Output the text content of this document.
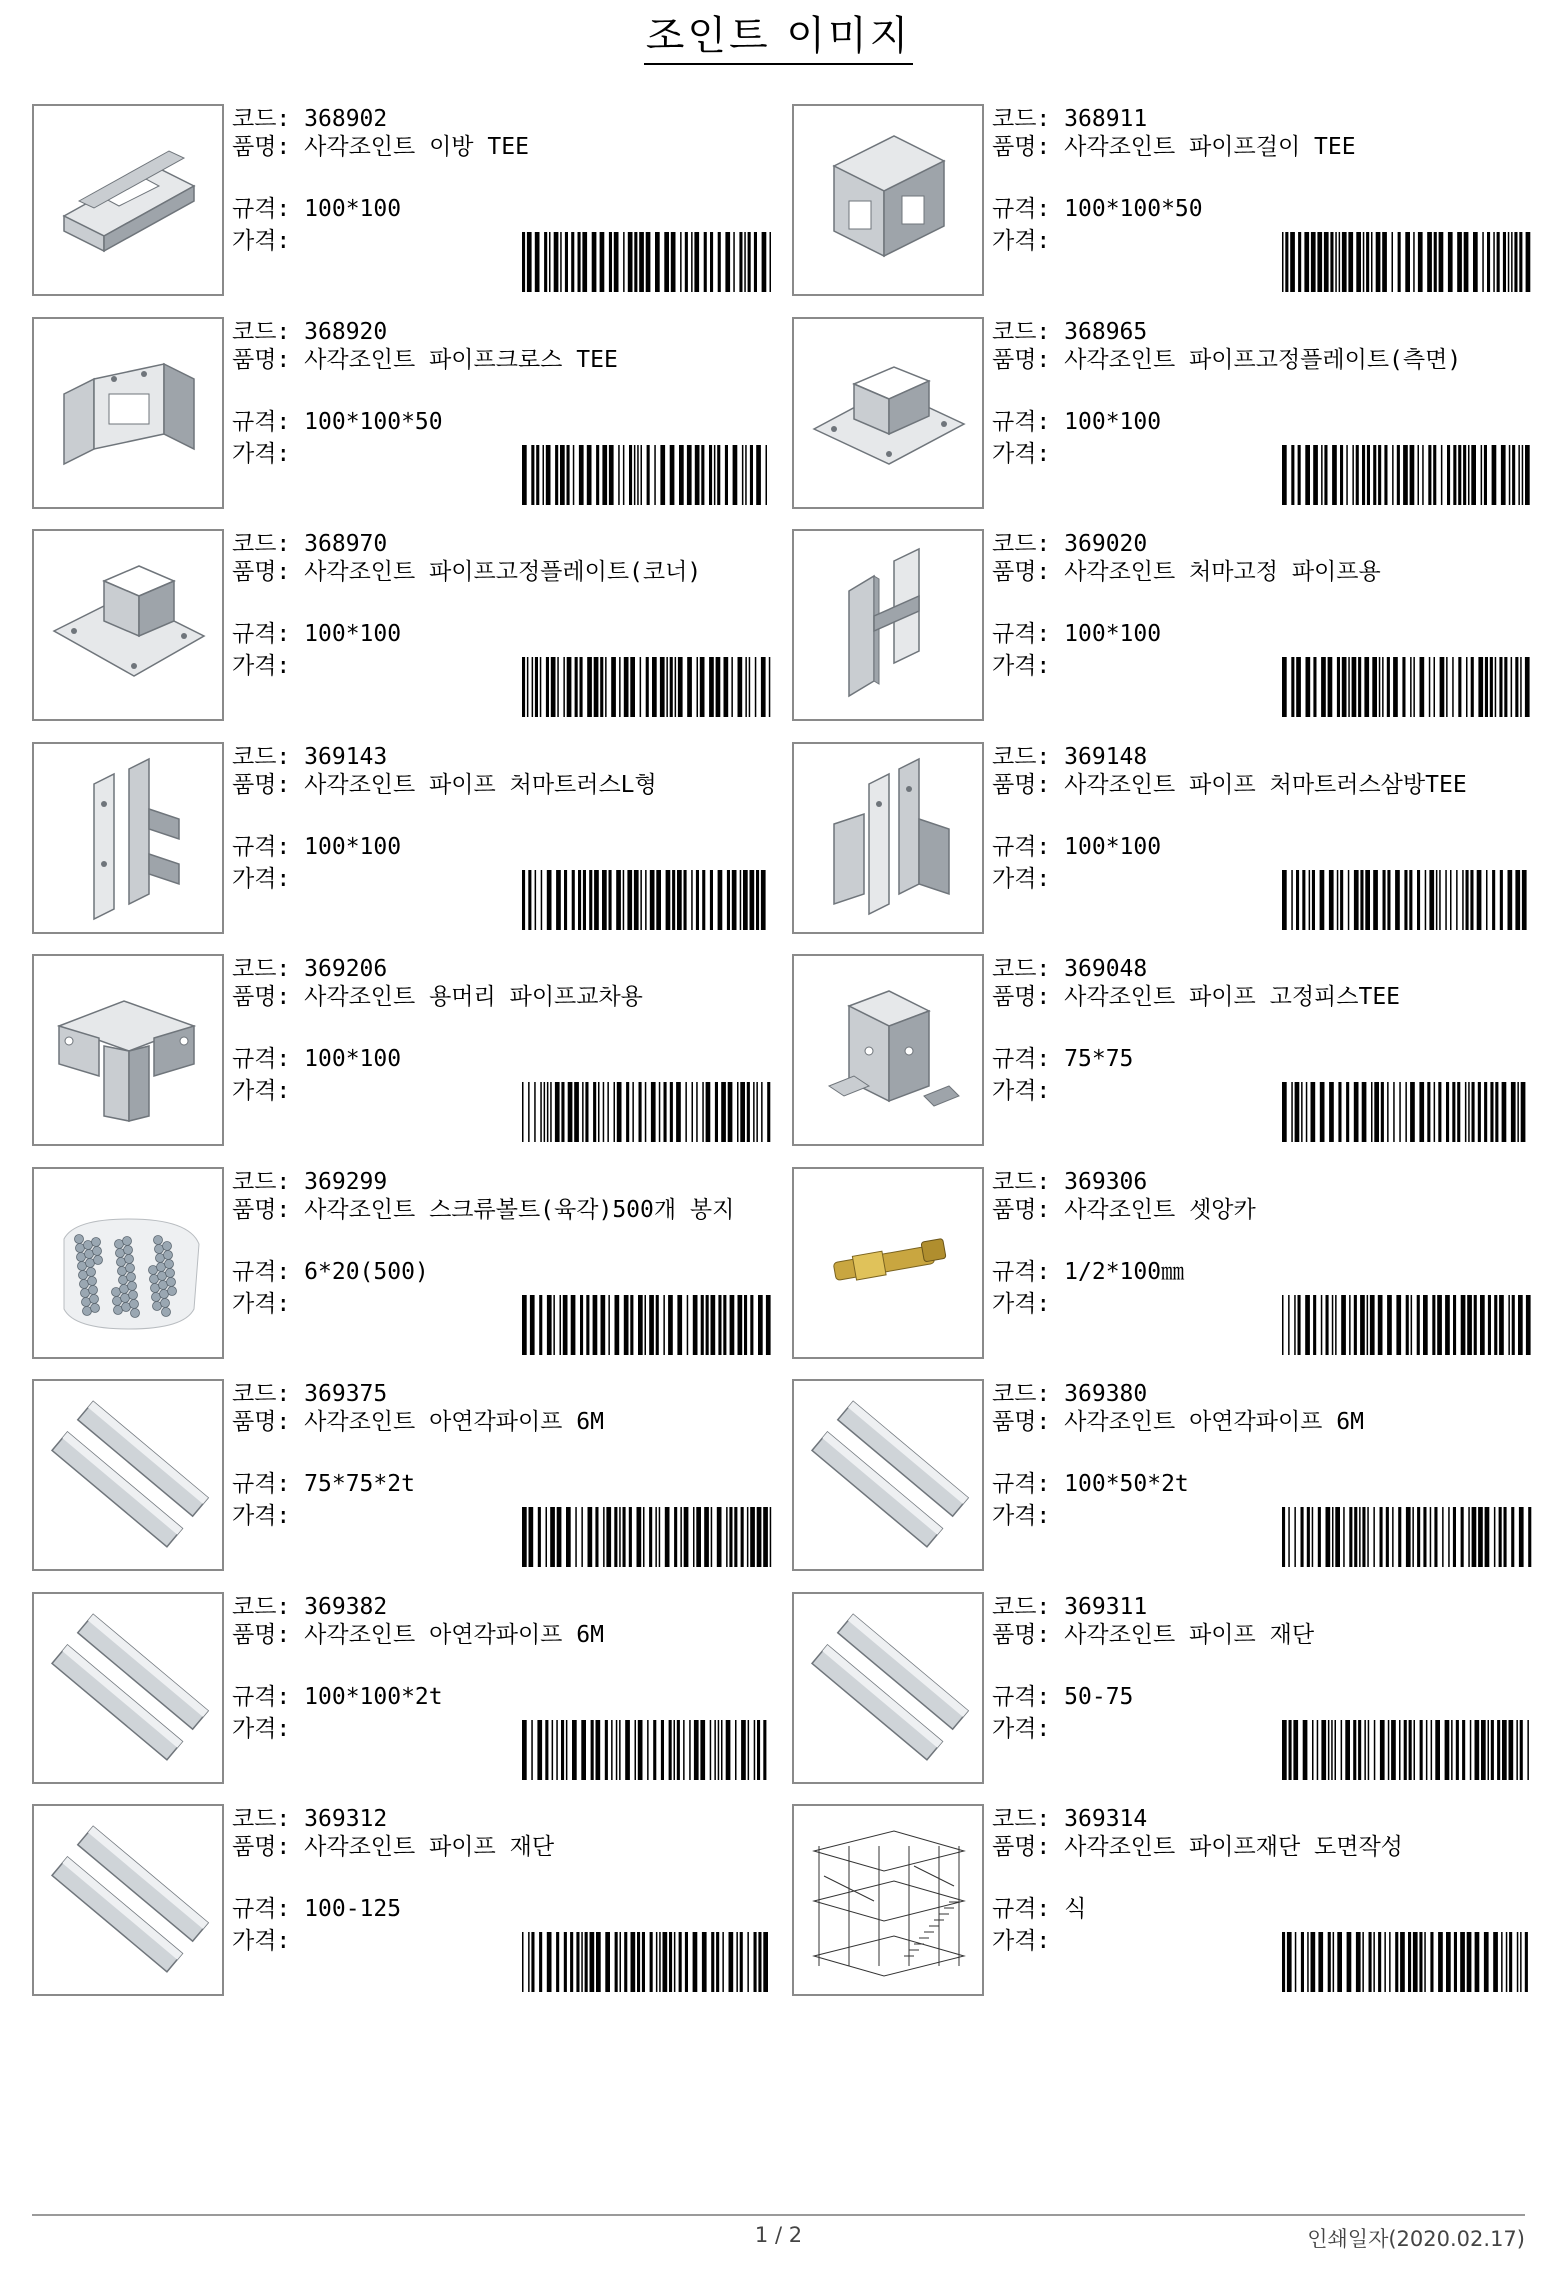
조인트 이미지
코드: 368902
품명: 사각조인트 이방 TEE
규격: 100*100
가격:
코드: 368911
품명: 사각조인트 파이프걸이 TEE
규격: 100*100*50
가격:
코드: 368920
품명: 사각조인트 파이프크로스 TEE
규격: 100*100*50
가격:
코드: 368965
품명: 사각조인트 파이프고정플레이트(측면)
규격: 100*100
가격:
코드: 368970
품명: 사각조인트 파이프고정플레이트(코너)
규격: 100*100
가격:
코드: 369020
품명: 사각조인트 처마고정 파이프용
규격: 100*100
가격:
코드: 369143
품명: 사각조인트 파이프 처마트러스L형
규격: 100*100
가격:
코드: 369148
품명: 사각조인트 파이프 처마트러스삼방TEE
규격: 100*100
가격:
코드: 369206
품명: 사각조인트 용머리 파이프교차용
규격: 100*100
가격:
코드: 369048
품명: 사각조인트 파이프 고정피스TEE
규격: 75*75
가격:
코드: 369299
품명: 사각조인트 스크류볼트(육각)500개 봉지
규격: 6*20(500)
가격:
코드: 369306
품명: 사각조인트 셋앙카
규격: 1/2*100㎜
가격:
코드: 369375
품명: 사각조인트 아연각파이프 6M
규격: 75*75*2t
가격:
코드: 369380
품명: 사각조인트 아연각파이프 6M
규격: 100*50*2t
가격:
코드: 369382
품명: 사각조인트 아연각파이프 6M
규격: 100*100*2t
가격:
코드: 369311
품명: 사각조인트 파이프 재단
규격: 50-75
가격:
코드: 369312
품명: 사각조인트 파이프 재단
규격: 100-125
가격:
코드: 369314
품명: 사각조인트 파이프재단 도면작성
규격: 식
가격:
1 / 2	인쇄일자(2020.02.17)
